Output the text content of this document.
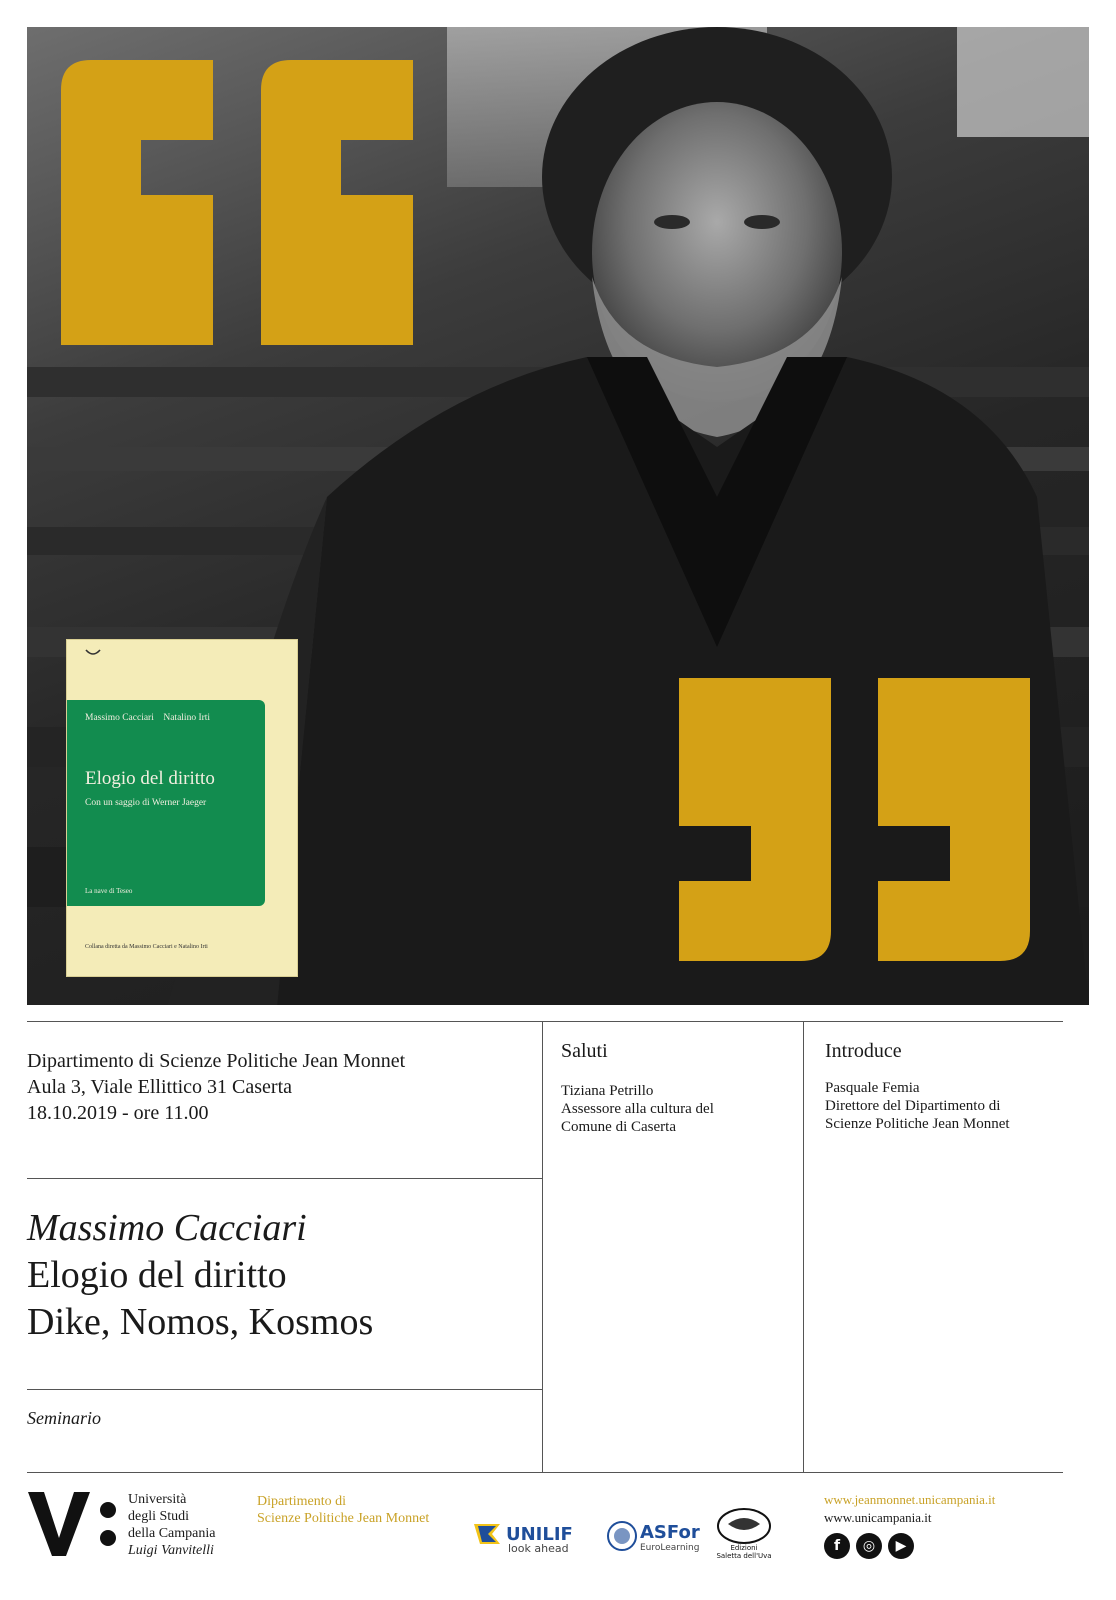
Massimo Cacciari    Natalino Irti
Elogio del diritto
Con un saggio di Werner Jaeger
La nave di Teseo
Collana diretta da Massimo Cacciari e Natalino Irti
Dipartimento di Scienze Politiche Jean Monnet
Aula 3, Viale Ellittico 31 Caserta
18.10.2019 - ore 11.00
Saluti
Tiziana Petrillo
Assessore alla cultura del
Comune di Caserta
Introduce
Pasquale Femia
Direttore del Dipartimento di
Scienze Politiche Jean Monnet
Massimo Cacciari
Elogio del diritto
Dike, Nomos, Kosmos
Seminario
Università
degli Studi
della Campania
Luigi Vanvitelli
Dipartimento di
Scienze Politiche Jean Monnet
UNILIF
look ahead
ASFor
EuroLearning	Edizioni
Saletta dell'Uva
www.jeanmonnet.unicampania.it
www.unicampania.it
f	◎	▶
